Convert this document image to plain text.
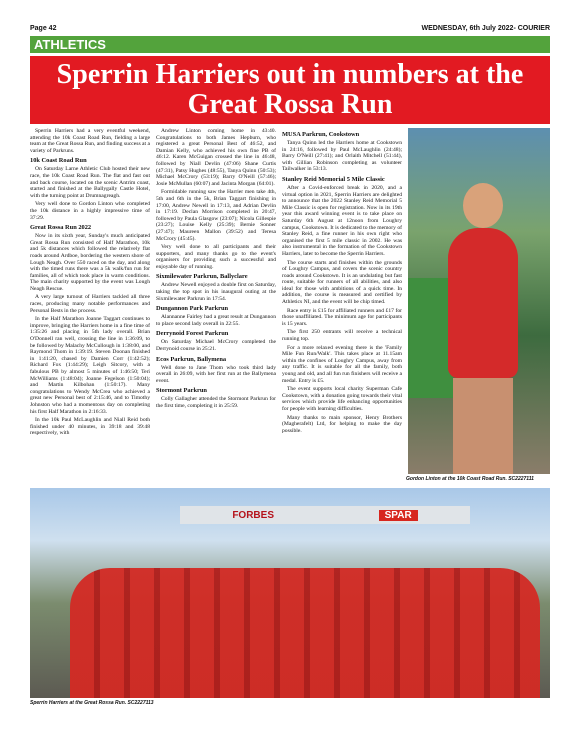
Page 42	WEDNESDAY, 6th July 2022- COURIER
ATHLETICS
Sperrin Harriers out in numbers at the Great Rossa Run

Sperrin Harriers had a very eventful weekend, attending the 10k Coast Road Run, fielding a large team at the Great Rossa Run, and finding success at a variety of Parkruns.

10k Coast Road Run

On Saturday Larne Athletic Club hosted their new race, the 10k Coast Road Run. The flat and fast out and back course, located on the scenic Antrim coast, started and finished at the Ballygally Castle Hotel, with the turning point at Drumnagreagh.

Very well done to Gordon Linton who completed the 10k distance in a highly impressive time of 37:29.

Great Rossa Run 2022

Now in its sixth year, Sunday's much anticipated Great Rossa Run consisted of Half Marathon, 10k and 5k distances which followed the relatively flat roads around Ardboe, bordering the western shore of Lough Neagh. Over 550 raced on the day, and along with the timed runs there was a 5k walk/fun run for families, all of which took place in warm conditions. The main charity supported by the event was Lough Neagh Rescue.

A very large turnout of Harriers tackled all three races, producing many notable performances and Personal Bests in the process.

In the Half Marathon Joanne Taggart continues to improve, bringing the Harriers home in a fine time of 1:35:26 and placing in 5th lady overall. Brian O'Donnell ran well, crossing the line in 1:36:09, to be followed by Malachy McCullough in 1:38:00, and Raymond Thom in 1:39:19. Steven Doonan finished in 1:41:20, chased by Damien Corr (1:42:52); Richard Fox (1:44:29); Leigh Sitcory, with a fabulous PB by almost 5 minutes of 1:46:50; Teri McWilliams (1:48:04); Joanne Fegelson (1:50:04); and Martin Kilbohan (1:50:17). Many congratulations to Wendy McCrea who achieved a great new Personal best of 2:15:46, and to Timothy Johnston who had a momentous day on completing his first Half Marathon in 2:16:33.

In the 10k Paul McLaughlin and Niall Reid both finished under 40 minutes, in 39:18 and 39:48 respectively, with

Andrew Linton coming home in 43:40. Congratulations to both James Hepburn, who registered a great Personal Best of 46:52, and Damian Kelly, who achieved his own fine PB of 46:12. Karen McGuigan crossed the line in 46:48, followed by Niall Devlin (47:06) Shane Curtis (47:31), Patsy Hughes (48:55), Tanya Quinn (50:53); Michael McCrory (53:19); Barry O'Neill (57:46); Josie McMullan (60:07) and Jacinta Morgan (64:01).

Formidable running saw the Harrier men take 4th, 5th and 6th in the 5k, Brian Taggart finishing in 17:00, Andrew Newell in 17:13, and Adrian Devlin in 17:19. Declan Morrison completed in 20:47, followed by Paula Glasgow (23:07); Nicola Gillespie (23:27); Louise Kelly (25:39); Bernie Sonner (27:47); Maureen Mallon (39:52) and Teresa McCrory (45:45).

Very well done to all participants and their supporters, and many thanks go to the event's organisers for providing such a successful and enjoyable day of running.

Sixmilewater Parkrun, Ballyclare

Andrew Newell enjoyed a double first on Saturday, taking the top spot in his inaugural outing at the Sixmilewater Parkrun in 17:54.

Dungannon Park Parkrun

Alannanne Fairley had a great result at Dungannon to place second lady overall in 22:55.

Derrynoid Forest Parkrun

On Saturday Michael McCrory completed the Derrynoid course in 25:21.

Ecos Parkrun, Ballymena

Well done to Jane Thom who took third lady overall in 26:09, with her first run at the Ballymena event.

Stormont Parkrun

Colly Gallagher attended the Stormont Parkrun for the first time, completing it in 25:59.

MUSA Parkrun, Cookstown

Tanya Quinn led the Harriers home at Cookstown in 24:16, followed by Paul McLaughlin (24:48); Barry O'Neill (27:41); and Orlaith Mitchell (51:44), with Gillian Robinson completing as volunteer Tailwalker in 53:13.

Stanley Reid Memorial 5 Mile Classic

After a Covid-enforced break in 2020, and a virtual option in 2021, Sperrin Harriers are delighted to announce that the 2022 Stanley Reid Memorial 5 Mile Classic is open for registration. Now in its 19th year this award winning event is to take place on Saturday 6th August at 12noon from Loughry campus, Cookstown. It is dedicated to the memory of Stanley Reid, a fine runner in his own right who organised the first 5 mile classic in 2002. He was also instrumental in the formation of the Cookstown Harriers, later to become the Sperrin Harriers.

The course starts and finishes within the grounds of Loughry Campus, and covers the scenic country roads around Cookstown. It is an undulating but fast route, suitable for runners of all abilities, and also ideal for those with ambitions of a quick time. In addition, the course is measured and certified by Athletics NI, and the event will be chip timed.

Race entry is £15 for affiliated runners and £17 for those unaffiliated. The minimum age for participants is 15 years.

The first 250 entrants will receive a technical running top.

For a more relaxed evening there is the 'Family Mile Fun Run/Walk'. This takes place at 11.15am within the confines of Loughry Campus, away from any traffic. It is suitable for all the family, both young and old, and all fun run finishers will receive a medal. Entry is £5.

The event supports local charity Superman Cafe Cookstown, with a donation going towards their vital services which provide life enhancing opportunities for people with learning difficulties.

Many thanks to main sponsor, Henry Brothers (Magherafelt) Ltd, for helping to make the day possible.

Gordon Linton at the 10k Coast Road Run. SC2227111
FORBES	SPAR
Sperrin Harriers at the Great Rossa Run. SC2227113
